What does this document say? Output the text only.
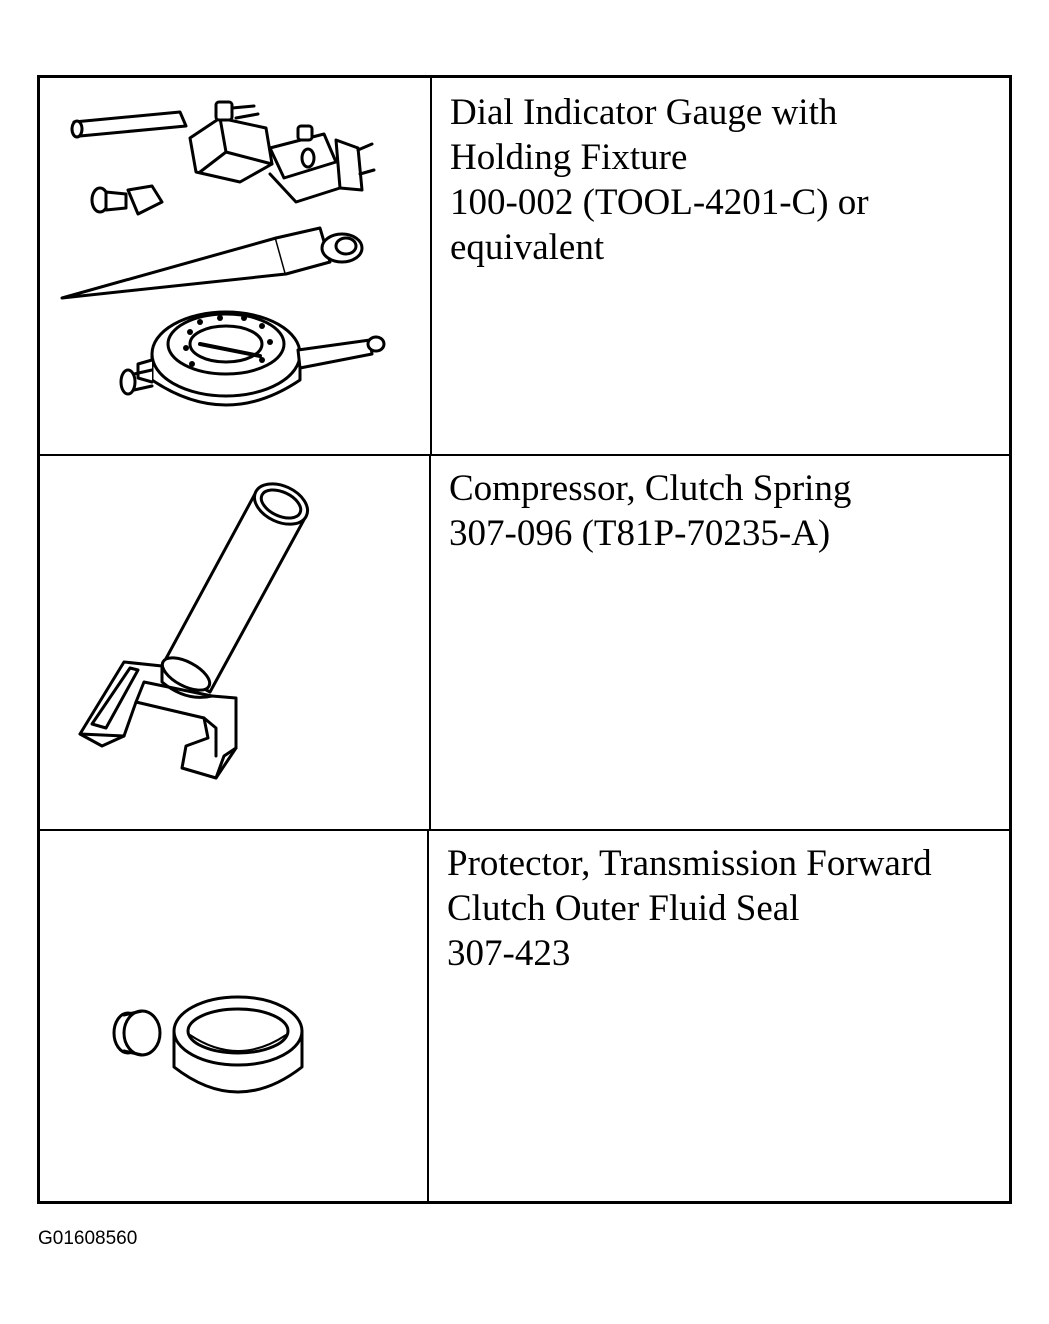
Dial Indicator Gauge with
Holding Fixture
100-002 (TOOL-4201-C) or
equivalent
Compressor, Clutch Spring
307-096 (T81P-70235-A)
Protector, Transmission Forward
Clutch Outer Fluid Seal
307-423
G01608560
